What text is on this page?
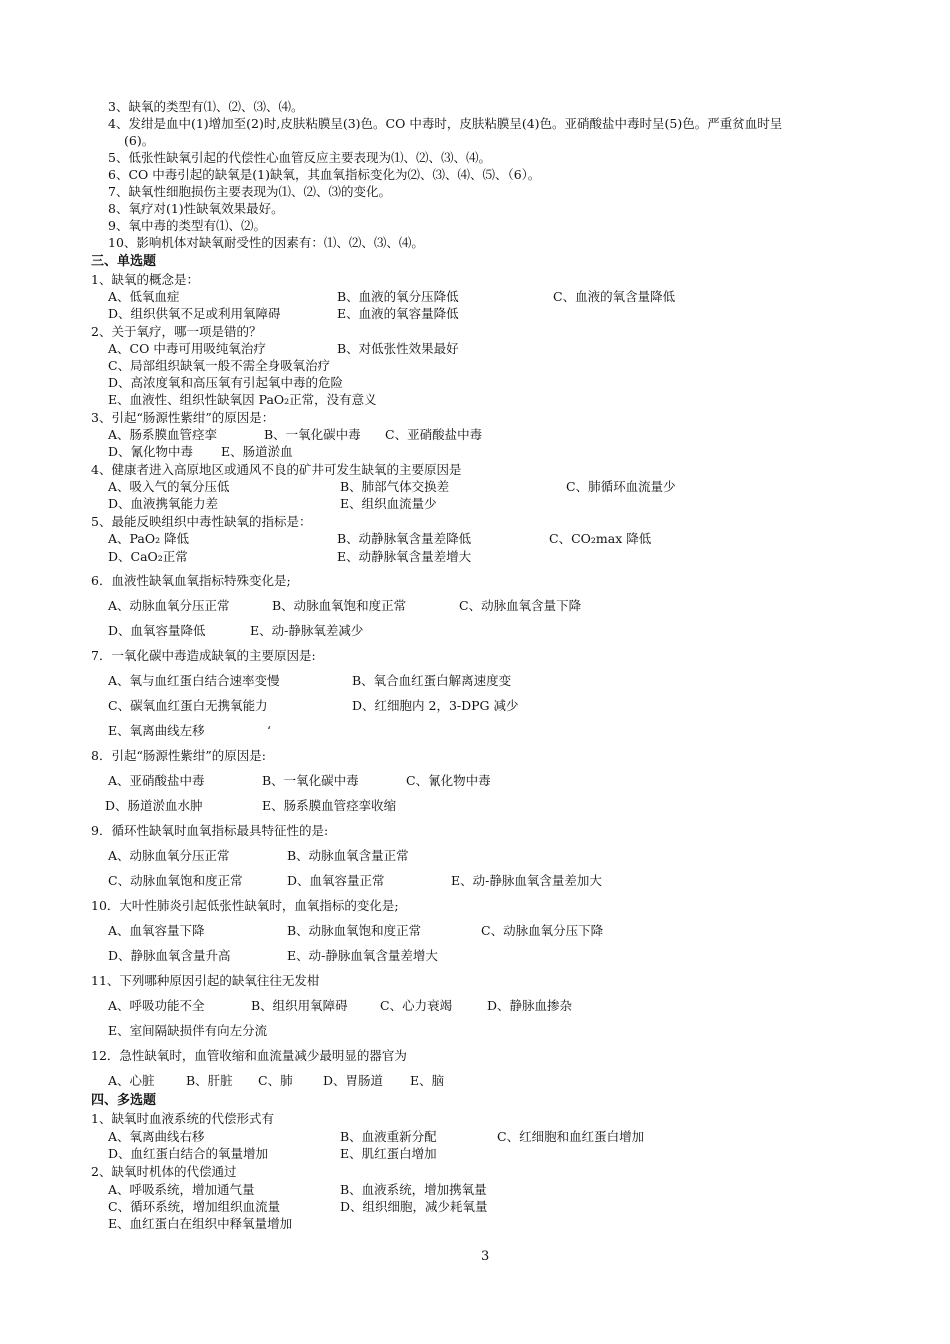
3、缺氧的类型有⑴、⑵、⑶、⑷。
4、发绀是血中(1)增加至(2)时,皮肤粘膜呈(3)色。CO 中毒时，皮肤粘膜呈(4)色。亚硝酸盐中毒时呈(5)色。严重贫血时呈
(6)。
5、低张性缺氧引起的代偿性心血管反应主要表现为⑴、⑵、⑶、⑷。
6、CO 中毒引起的缺氧是(1)缺氧，其血氧指标变化为⑵、⑶、⑷、⑸、（6）。
7、缺氧性细胞损伤主要表现为⑴、⑵、⑶的变化。
8、氧疗对(1)性缺氧效果最好。
9、氧中毒的类型有⑴、⑵。
10、影响机体对缺氧耐受性的因素有：⑴、⑵、⑶、⑷。
三、单选题
1、缺氧的概念是：
A、低氧血症	B、血液的氧分压降低	C、血液的氧含量降低
D、组织供氧不足或利用氧障碍	E、血液的氧容量降低
2、关于氧疗，哪一项是错的？
A、CO 中毒可用吸纯氧治疗	B、对低张性效果最好
C、局部组织缺氧一般不需全身吸氧治疗
D、高浓度氧和高压氧有引起氧中毒的危险
E、血液性、组织性缺氧因 PaO₂正常，没有意义
3、引起“肠源性紫绀”的原因是：
A、肠系膜血管痉挛	B、一氧化碳中毒 C、亚硝酸盐中毒
D、氰化物中毒 E、肠道淤血
4、健康者进入高原地区或通风不良的矿井可发生缺氧的主要原因是
A、吸入气的氧分压低	B、肺部气体交换差	C、肺循环血流量少
D、血液携氧能力差	E、组织血流量少
5、最能反映组织中毒性缺氧的指标是：
A、PaO₂ 降低	B、动静脉氧含量差降低	C、CO₂max 降低
D、CaO₂正常	E、动静脉氧含量差增大
6．血液性缺氧血氧指标特殊变化是;
A、动脉血氧分压正常	B、动脉血氧饱和度正常	C、动脉血氧含量下降
D、血氧容量降低	E、动-静脉氧差减少
7．一氧化碳中毒造成缺氧的主要原因是:
A、氧与血红蛋白结合速率变慢	B、氧合血红蛋白解离速度变
C、碳氧血红蛋白无携氧能力	D、红细胞内 2，3-DPG 减少
E、氧离曲线左移	‘
8．引起“肠源性紫绀”的原因是:
A、亚硝酸盐中毒	B、一氧化碳中毒	C、氰化物中毒
D、肠道淤血水肿	E、肠系膜血管痉挛收缩
9．循环性缺氧时血氧指标最具特征性的是:
A、动脉血氧分压正常	B、动脉血氧含量正常
C、动脉血氧饱和度正常	D、血氧容量正常	E、动-静脉血氧含量差加大
10．大叶性肺炎引起低张性缺氧时，血氧指标的变化是;
A、血氧容量下降	B、动脉血氧饱和度正常	C、动脉血氧分压下降
D、静脉血氧含量升高	E、动-静脉血氧含量差增大
11、下列哪种原因引起的缺氧往往无发柑
A、呼吸功能不全	B、组织用氧障碍	C、心力衰竭	D、静脉血掺杂
E、室间隔缺损伴有向左分流
12．急性缺氧时，血管收缩和血流量减少最明显的器官为
A、心脏	B、肝脏 C、肺 D、胃肠道 E、脑
四、多选题
1、缺氧时血液系统的代偿形式有
A、氧离曲线右移	B、血液重新分配	C、红细胞和血红蛋白增加
D、血红蛋白结合的氧量增加	E、肌红蛋白增加
2、缺氧时机体的代偿通过
A、呼吸系统，增加通气量	B、血液系统，增加携氧量
C、循环系统，增加组织血流量	D、组织细胞，减少耗氧量
E、血红蛋白在组织中释氧量增加
3
